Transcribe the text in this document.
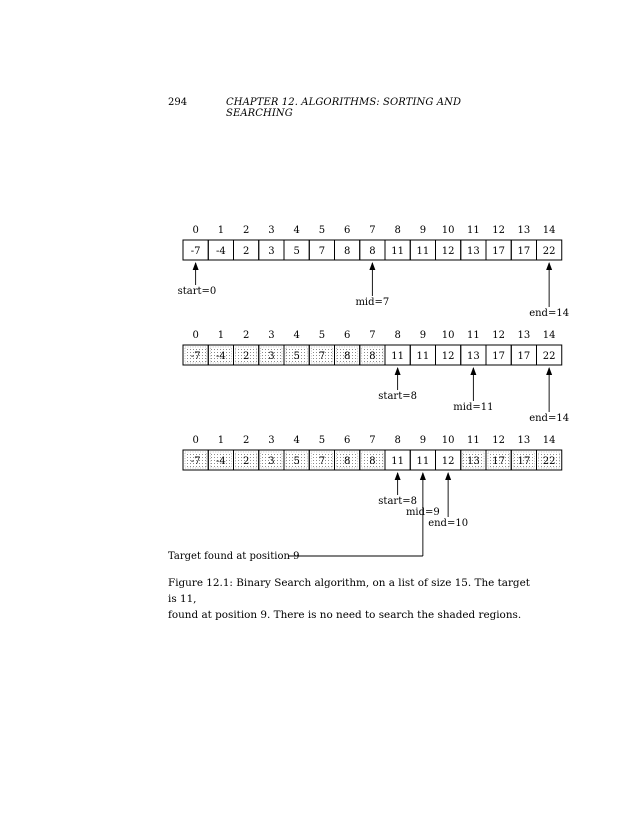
294	CHAPTER 12. ALGORITHMS: SORTING AND SEARCHING
0 1 2 3 4 5 6 7 8 9 10 11 12 13 14
-7 -4 2 3 5 7 8 8 11 11 12 13 17 17 22
start=0
mid=7
end=14
0 1 2 3 4 5 6 7 8 9 10 11 12 13 14
-7 -4 2 3 5 7 8 8 11 11 12 13 17 17 22
start=8
mid=11
end=14
0 1 2 3 4 5 6 7 8 9 10 11 12 13 14
-7 -4 2 3 5 7 8 8 11 11 12 13 17 17 22
start=8
mid=9
end=10
Target found at position 9
Figure 12.1: Binary Search algorithm, on a list of size 15. The target is 11,
found at position 9. There is no need to search the shaded regions.
